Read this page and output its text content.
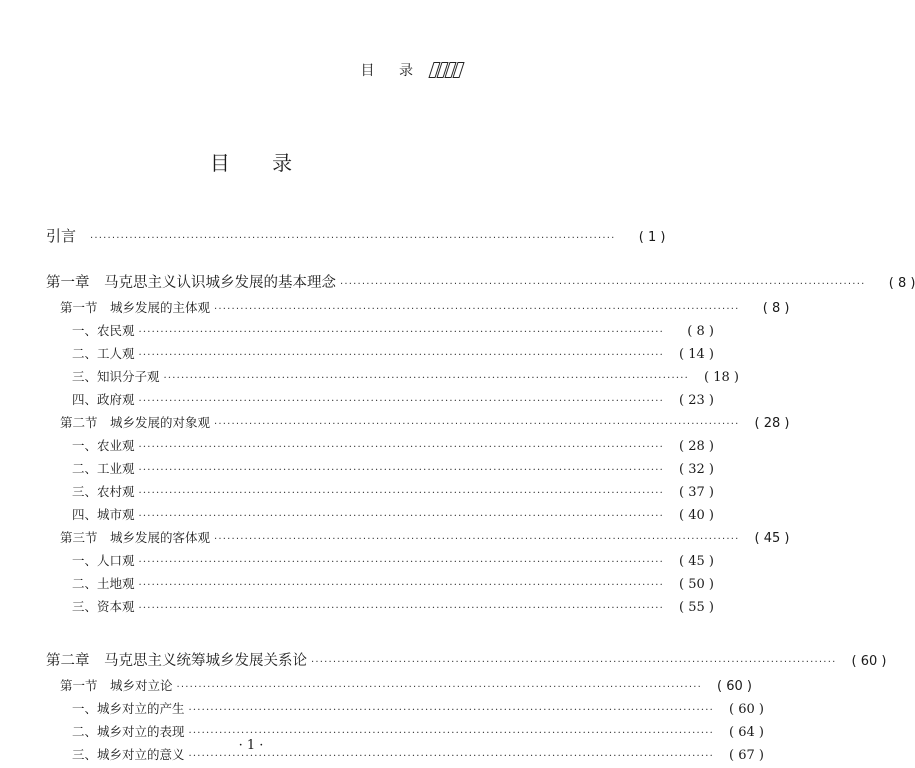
目 录
目 录
引言 ························································································································	( 1 )
第一章　马克思主义认识城乡发展的基本理念 ························································································································	( 8 )
第一节　城乡发展的主体观 ························································································································	( 8 )
一、农民观 ························································································································	( 8 )
二、工人观 ························································································································	( 14 )
三、知识分子观 ························································································································	( 18 )
四、政府观 ························································································································	( 23 )
第二节　城乡发展的对象观 ························································································································	( 28 )
一、农业观 ························································································································	( 28 )
二、工业观 ························································································································	( 32 )
三、农村观 ························································································································	( 37 )
四、城市观 ························································································································	( 40 )
第三节　城乡发展的客体观 ························································································································	( 45 )
一、人口观 ························································································································	( 45 )
二、土地观 ························································································································	( 50 )
三、资本观 ························································································································	( 55 )
第二章　马克思主义统筹城乡发展关系论 ························································································································	( 60 )
第一节　城乡对立论 ························································································································	( 60 )
一、城乡对立的产生 ························································································································	( 60 )
二、城乡对立的表现 ························································································································	( 64 )
三、城乡对立的意义 ························································································································	( 67 )
· 1 ·
